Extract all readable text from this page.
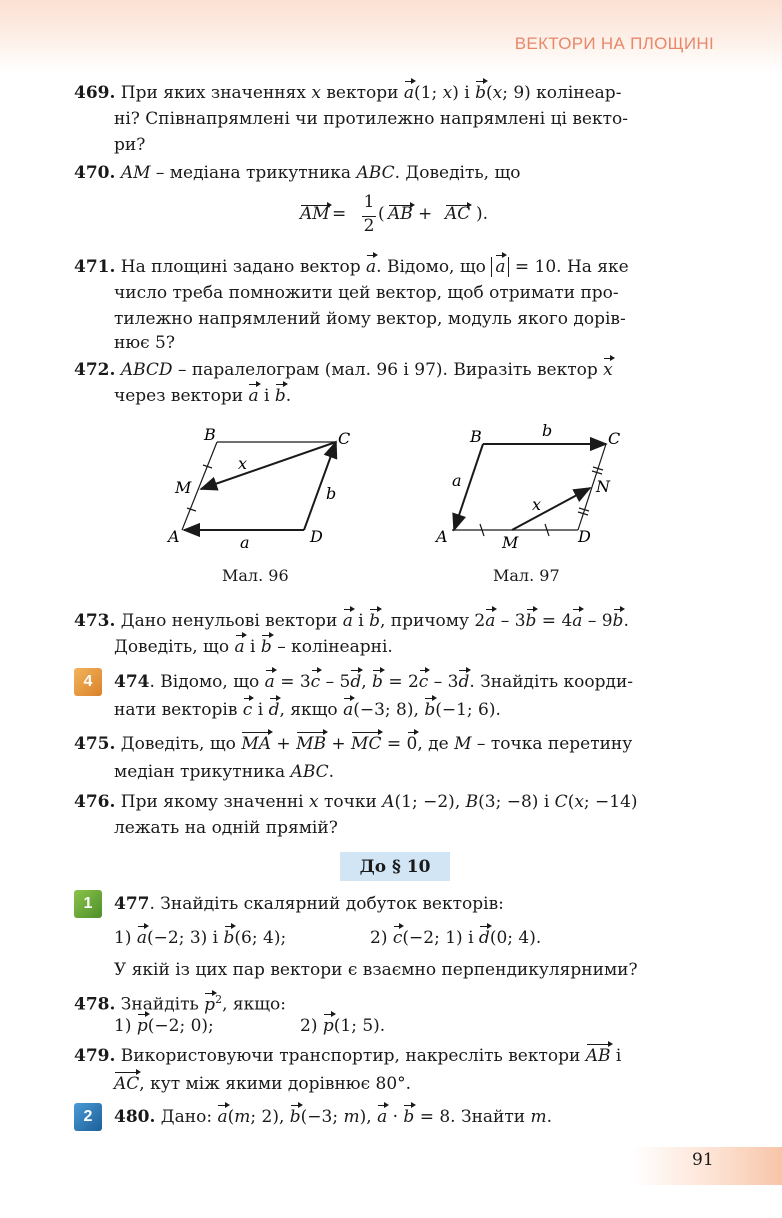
ВЕКТОРИ НА ПЛОЩИНІ
469. При яких значеннях x вектори a(1; x) і b(x; 9) колінеар-
ні? Співнапрямлені чи протилежно напрямлені ці векто-
ри?
470. AM – медіана трикутника ABC. Доведіть, що
AM =
1
2
( AB + AC ).
471. На площині задано вектор a. Відомо, що a = 10. На яке
число треба помножити цей вектор, щоб отримати про-
тилежно напрямлений йому вектор, модуль якого дорів-
нює 5?
472. ABCD – паралелограм (мал. 96 і 97). Виразіть вектор x
через вектори a і b.
B	C
M
A	D
x
a
b
Мал. 96
B	C
N
A	D
M
x
a
b
Мал. 97
473. Дано ненульові вектори a і b, причому 2a – 3b = 4a – 9b.
Доведіть, що a і b – колінеарні.
4	474. Відомо, що a = 3c – 5d, b = 2c – 3d. Знайдіть коорди-
нати векторів c і d, якщо a(−3; 8), b(−1; 6).
475. Доведіть, що MA + MB + MC = 0, де M – точка перетину
медіан трикутника ABC.
476. При якому значенні x точки A(1; −2), B(3; −8) і C(x; −14)
лежать на одній прямій?
До § 10
1	477. Знайдіть скалярний добуток векторів:
1) a(−2; 3) і b(6; 4);	2) c(−2; 1) і d(0; 4).
У якій із цих пар вектори є взаємно перпендикулярними?
478. Знайдіть $p^2$, якщо:
1) p(−2; 0);	2) p(1; 5).
479. Використовуючи транспортир, накресліть вектори AB і
AC, кут між якими дорівнює 80°.
2	480. Дано: a(m; 2), b(−3; m), a · b = 8. Знайти m.
91
